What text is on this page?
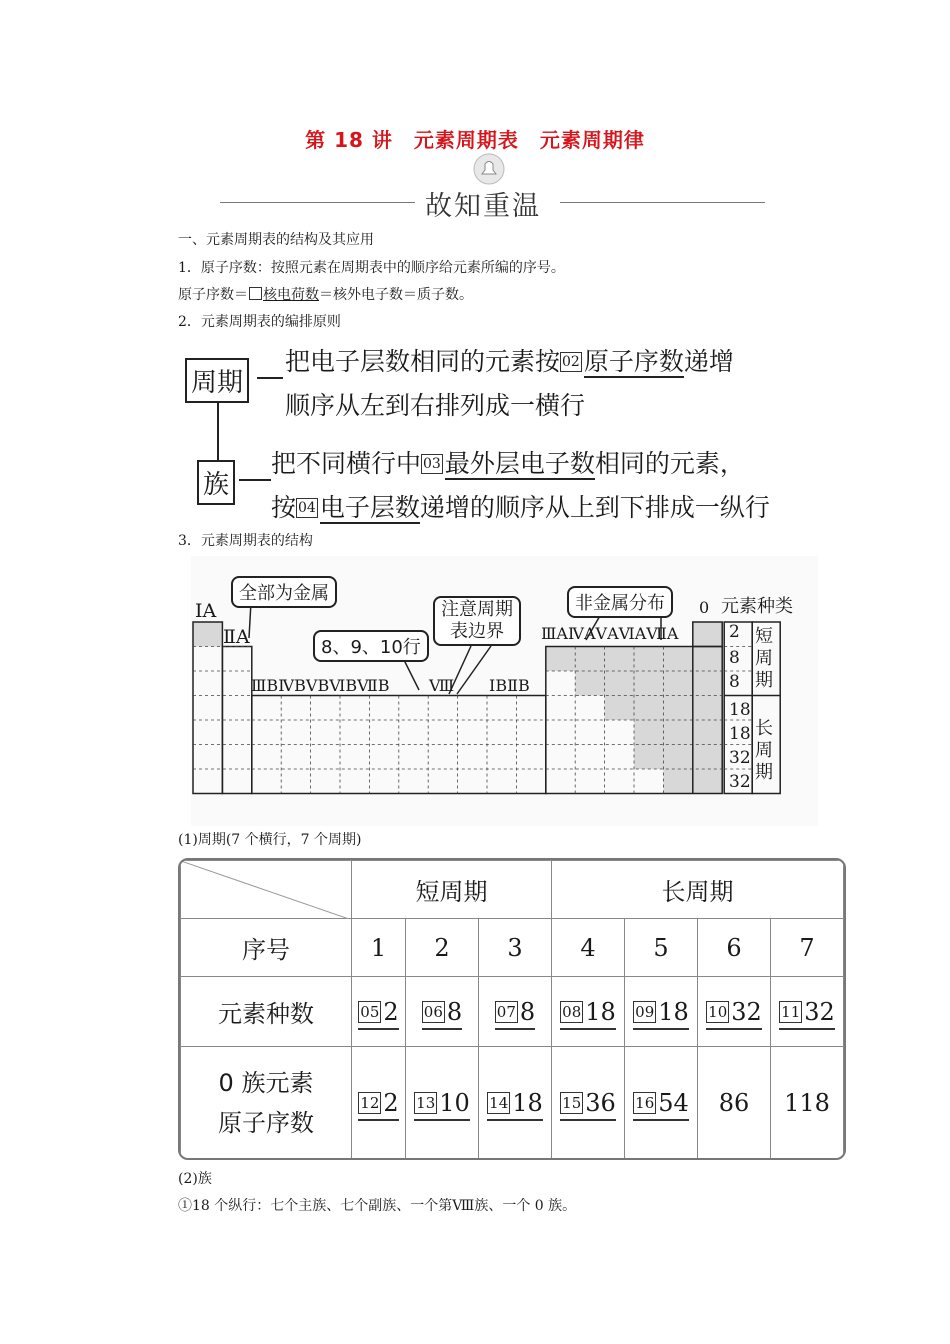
第 18 讲　元素周期表　元素周期律
故知重温
一、元素周期表的结构及其应用
1．原子序数：按照元素在周期表中的顺序给元素所编的序号。
原子序数＝ 核电荷数＝核外电子数＝质子数。
2．元素周期表的编排原则
周期
族
把电子层数相同的元素按 02 原子序数递增
顺序从左到右排列成一横行
把不同横行中 03 最外层电子数相同的元素，
按 04 电子层数递增的顺序从上到下排成一纵行
3．元素周期表的结构
全部为金属
8、9、10行
注意周期
表边界
非金属分布
ⅠA
ⅡA
ⅢBⅣBⅤBⅥBⅦB Ⅷ ⅠBⅡB
ⅢAⅣAⅤAⅥAⅦA
0 元素种类
2
8
8
18
18
32
32
短周期
长周期
(1)周期(7 个横行，7 个周期)
	短周期			长周期			
序号	1	2	3	4	5	6	7
元素种数	05 2	06 8	07 8	08 18	09 18	10 32	11 32

0 族元素
原子序数	12 2	13 10	14 18	15 36	16 54	86	118
(2)族
①18 个纵行：七个主族、七个副族、一个第Ⅷ族、一个 0 族。
